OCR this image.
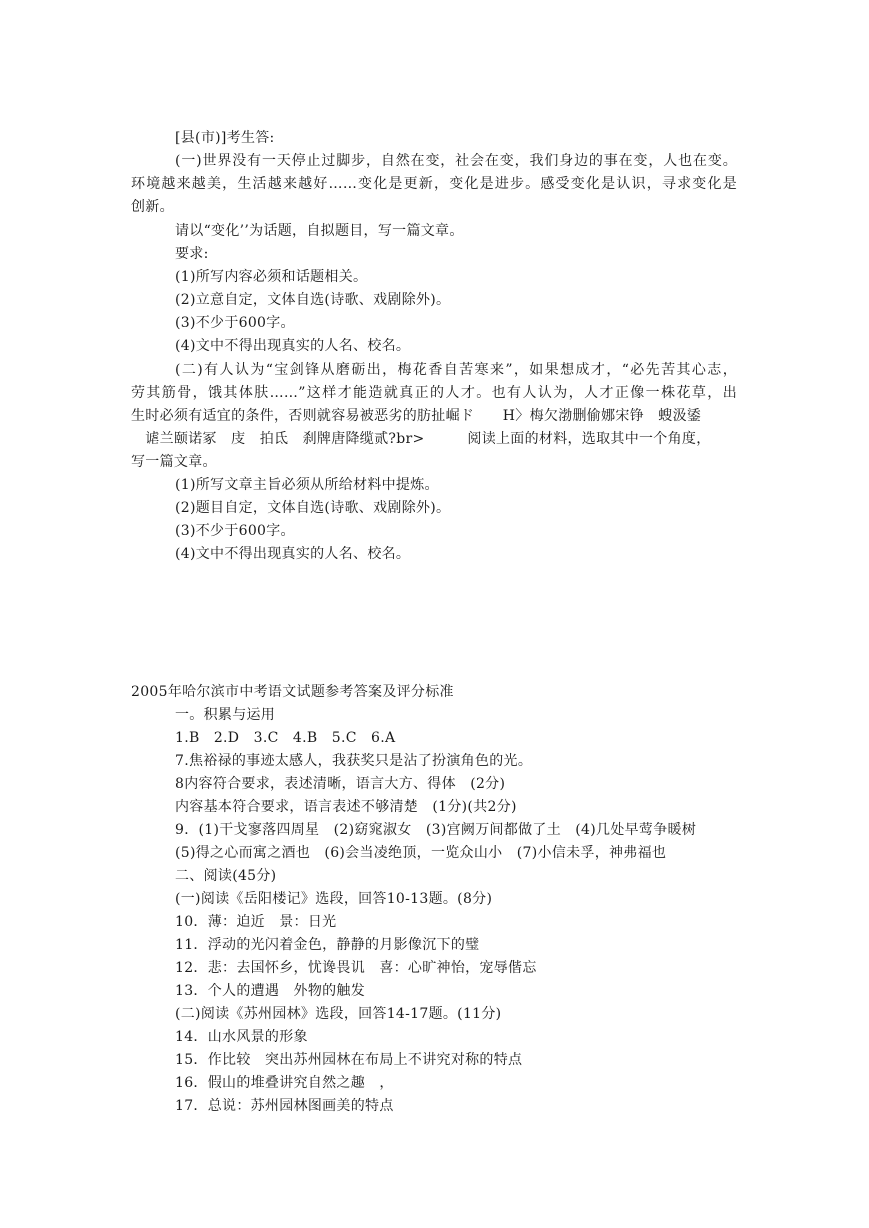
[县(市)]考生答:
(一)世界没有一天停止过脚步，自然在变，社会在变，我们身边的事在变，人也在变。
环境越来越美，生活越来越好……变化是更新，变化是进步。感受变化是认识，寻求变化是
创新。
请以“变化’’为话题，自拟题目，写一篇文章。
要求:
(1)所写内容必须和话题相关。
(2)立意自定，文体自选(诗歌、戏剧除外)。
(3)不少于600字。
(4)文中不得出现真实的人名、校名。
(二)有人认为“宝剑锋从磨砺出，梅花香自苦寒来”，如果想成才，“必先苦其心志，
劳其筋骨，饿其体肤……”这样才能造就真正的人才。也有人认为，人才正像一株花草，出
生时必须有适宜的条件，否则就容易被恶劣的肪扯崛ド　　H〉梅欠渤删偷娜宋铮　螋汲鋈
　谑兰颐诺冢　庋　拍氐　刹牌唐降缆贰?br>　　　阅读上面的材料，选取其中一个角度，
写一篇文章。
(1)所写文章主旨必须从所给材料中提炼。
(2)题目自定，文体自选(诗歌、戏剧除外)。
(3)不少于600字。
(4)文中不得出现真实的人名、校名。
2005年哈尔滨市中考语文试题参考答案及评分标准
一。积累与运用
1.B　2.D　3.C　4.B　5.C　6.A
7.焦裕禄的事迹太感人，我获奖只是沾了扮演角色的光。
8内容符合要求，表述清晰，语言大方、得体　(2分)
内容基本符合要求，语言表述不够清楚　(1分)(共2分)
9．(1)干戈寥落四周星　(2)窈窕淑女　(3)宫阙万间都做了土　(4)几处早莺争暖树
(5)得之心而寓之酒也　(6)会当凌绝顶，一览众山小　(7)小信未孚，神弗福也
二、阅读(45分)
(一)阅读《岳阳楼记》选段，回答10-13题。(8分)
10．薄：迫近　景：日光
11．浮动的光闪着金色，静静的月影像沉下的璧
12．悲：去国怀乡，忧谗畏讥　喜：心旷神怡，宠辱偕忘
13．个人的遭遇　外物的触发
(二)阅读《苏州园林》选段，回答14-17题。(11分)
14．山水风景的形象
15．作比较　突出苏州园林在布局上不讲究对称的特点
16．假山的堆叠讲究自然之趣　，
17．总说：苏州园林图画美的特点
